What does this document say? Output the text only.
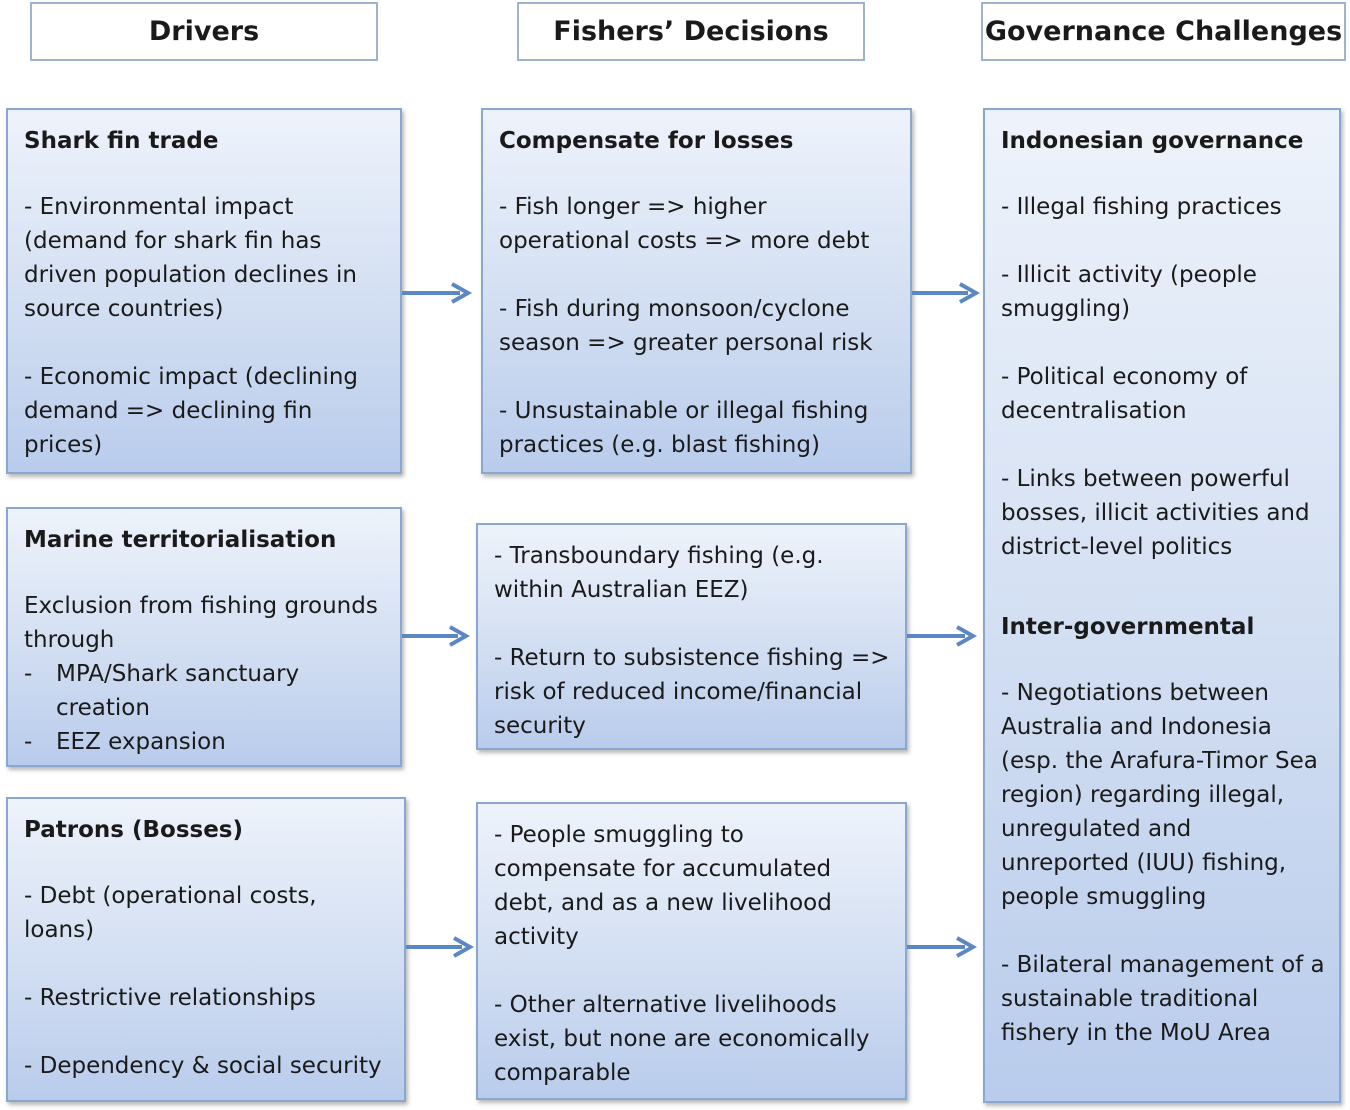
Drivers	Fishers’ Decisions	Governance Challenges
Shark fin trade
- Environmental impact (demand for shark fin has driven population declines in source countries)
- Economic impact (declining demand => declining fin prices)
Marine territorialisation
Exclusion from fishing grounds through
- MPA/Shark sanctuary creation
- EEZ expansion
Patrons (Bosses)
- Debt (operational costs, loans)
- Restrictive relationships
- Dependency & social security
Compensate for losses
- Fish longer => higher operational costs => more debt
- Fish during monsoon/cyclone season => greater personal risk
- Unsustainable or illegal fishing practices (e.g. blast fishing)
- Transboundary fishing (e.g. within Australian EEZ)
- Return to subsistence fishing => risk of reduced income/financial security
- People smuggling to compensate for accumulated debt, and as a new livelihood activity
- Other alternative livelihoods exist, but none are economically comparable
Indonesian governance
- Illegal fishing practices
- Illicit activity (people smuggling)
- Political economy of decentralisation
- Links between powerful bosses, illicit activities and district-level politics
Inter-governmental
- Negotiations between Australia and Indonesia (esp. the Arafura-Timor Sea region) regarding illegal, unregulated and unreported (IUU) fishing, people smuggling
- Bilateral management of a sustainable traditional fishery in the MoU Area
